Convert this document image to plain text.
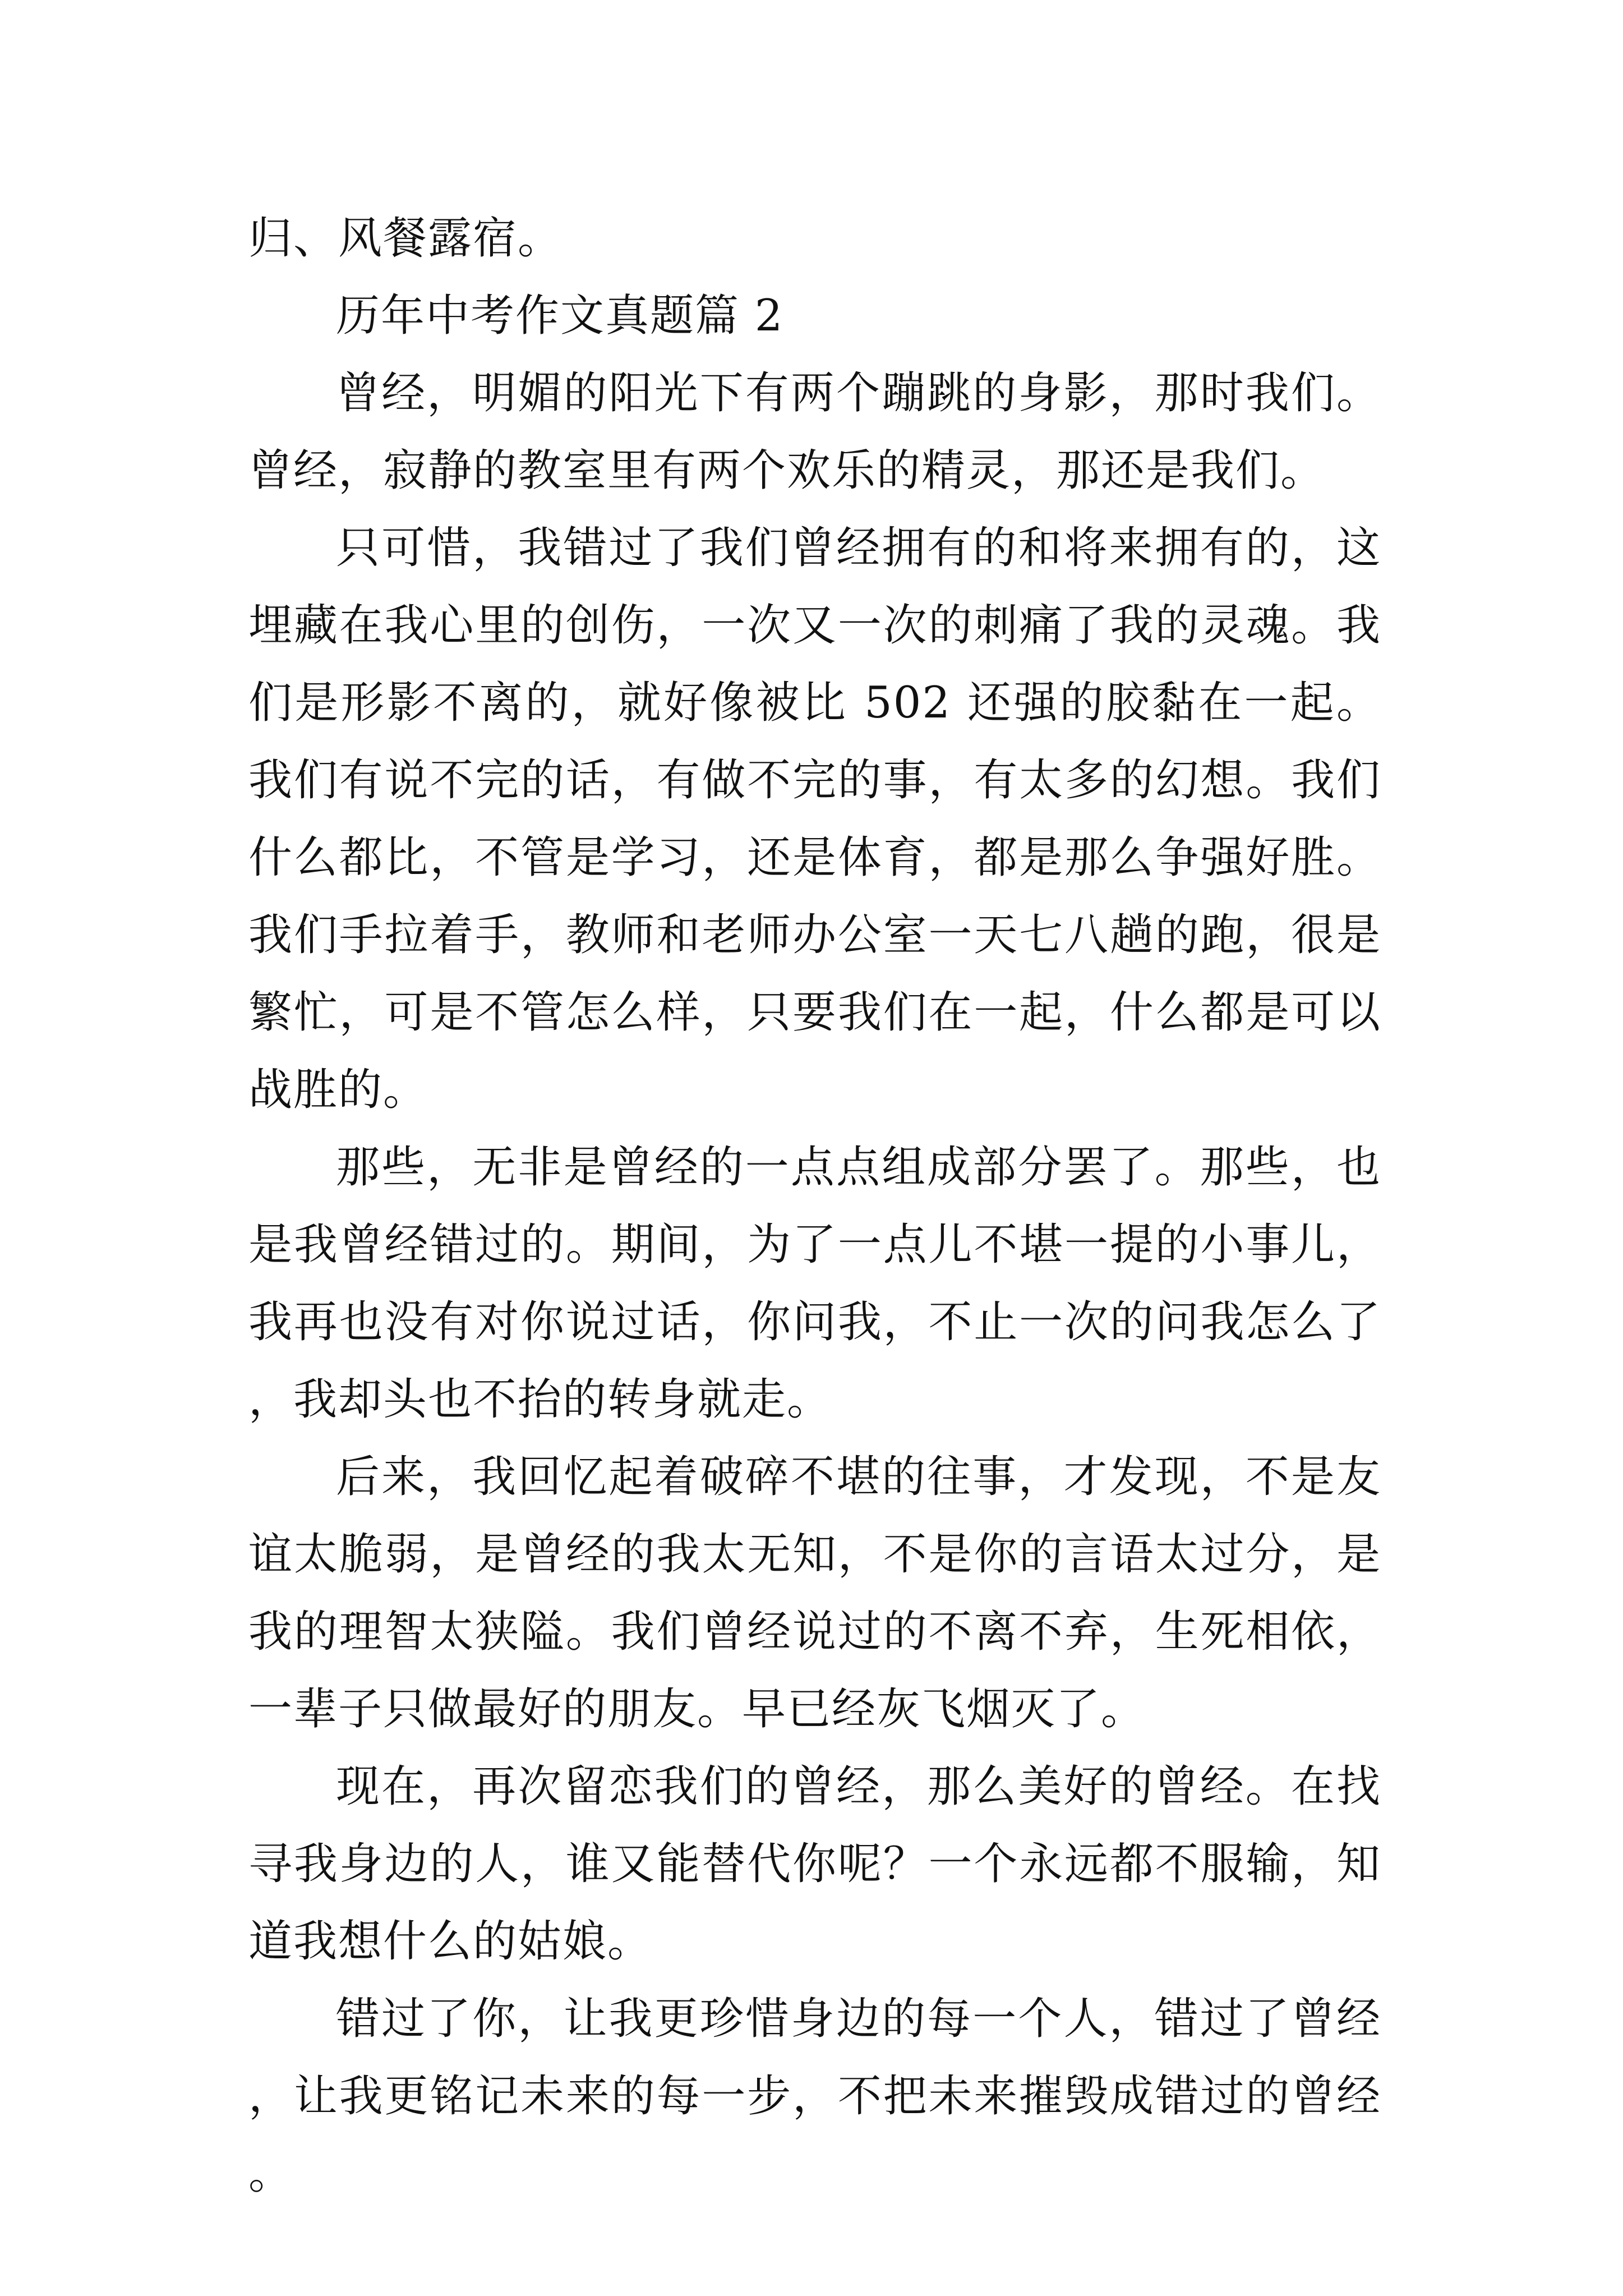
归、风餐露宿。

历年中考作文真题篇 2

曾经，明媚的阳光下有两个蹦跳的身影，那时我们。曾经，寂静的教室里有两个欢乐的精灵，那还是我们。

只可惜，我错过了我们曾经拥有的和将来拥有的，这埋藏在我心里的创伤，一次又一次的刺痛了我的灵魂。我们是形影不离的，就好像被比 502 还强的胶黏在一起。我们有说不完的话，有做不完的事，有太多的幻想。我们什么都比，不管是学习，还是体育，都是那么争强好胜。我们手拉着手，教师和老师办公室一天七八趟的跑，很是繁忙，可是不管怎么样，只要我们在一起，什么都是可以战胜的。

那些，无非是曾经的一点点组成部分罢了。那些，也是我曾经错过的。期间，为了一点儿不堪一提的小事儿，我再也没有对你说过话，你问我，不止一次的问我怎么了，我却头也不抬的转身就走。

后来，我回忆起着破碎不堪的往事，才发现，不是友谊太脆弱，是曾经的我太无知，不是你的言语太过分，是我的理智太狭隘。我们曾经说过的不离不弃，生死相依，一辈子只做最好的朋友。早已经灰飞烟灭了。

现在，再次留恋我们的曾经，那么美好的曾经。在找寻我身边的人，谁又能替代你呢？一个永远都不服输，知道我想什么的姑娘。

错过了你，让我更珍惜身边的每一个人，错过了曾经，让我更铭记未来的每一步，不把未来摧毁成错过的曾经。
